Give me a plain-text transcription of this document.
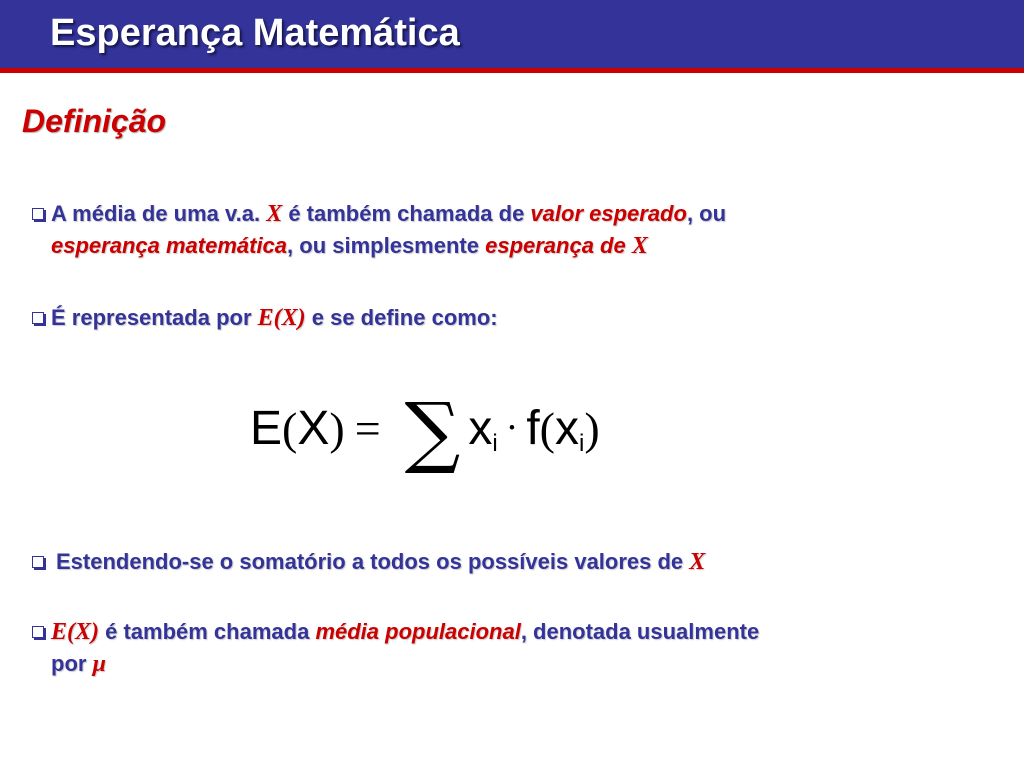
Esperança Matemática
Definição
A média de uma v.a. X é também chamada de valor esperado, ou
esperança matemática, ou simplesmente esperança de X
É representada por E(X) e se define como:
E ( X ) = ∑ x i · f ( x i )
Estendendo-se o somatório a todos os possíveis valores de X
E(X) é também chamada média populacional, denotada usualmente
por μ
